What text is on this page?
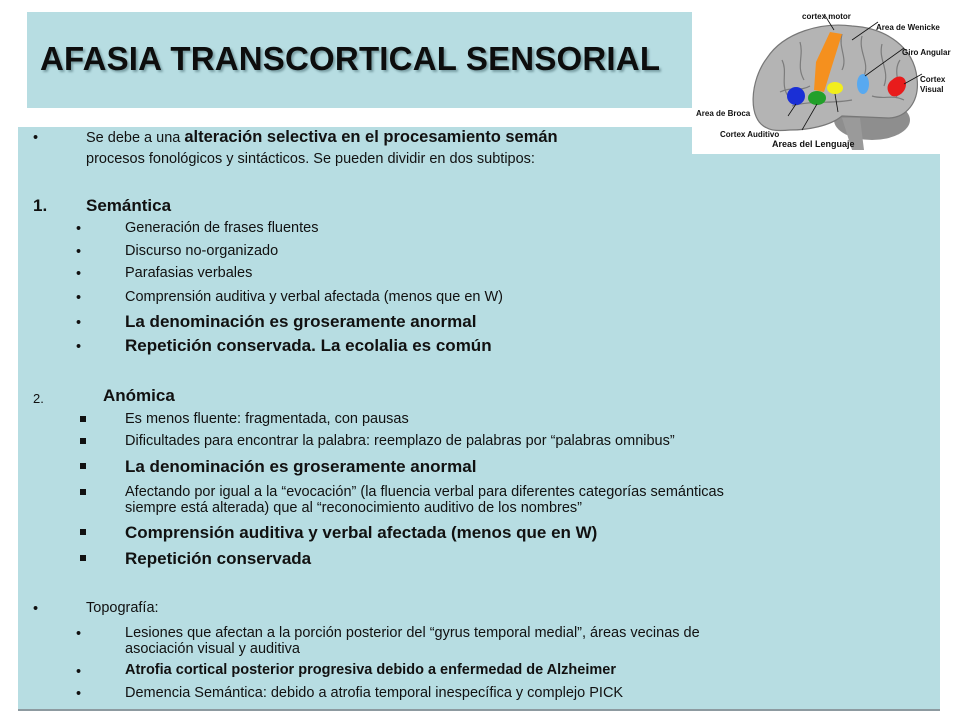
AFASIA TRANSCORTICAL SENSORIAL
cortex motor
Area de Wenicke
Giro Angular
Cortex
Visual
Area de Broca
Cortex Auditivo
Areas del Lenguaje
•	Se debe a una alteración selectiva en el procesamiento semán
procesos fonológicos y sintácticos. Se pueden dividir en dos subtipos:
1. Semántica
•	Generación de frases fluentes
•	Discurso no-organizado
•	Parafasias verbales
•	Comprensión auditiva y verbal afectada (menos que en W)
•	La denominación es groseramente anormal
•	Repetición conservada. La ecolalia es común
2.	Anómica
Es menos fluente: fragmentada, con pausas
Dificultades para encontrar la palabra: reemplazo de palabras por “palabras omnibus”
La denominación es groseramente anormal
Afectando por igual a la “evocación” (la fluencia verbal para diferentes categorías semánticas
siempre está alterada) que al “reconocimiento auditivo de los nombres”
Comprensión auditiva y verbal afectada (menos que en W)
Repetición conservada
•	Topografía:
•	Lesiones que afectan a la porción posterior del “gyrus temporal medial”, áreas vecinas de
asociación visual y auditiva
•	Atrofia cortical posterior progresiva debido a enfermedad de Alzheimer
•	Demencia Semántica: debido a atrofia temporal inespecífica y complejo PICK
